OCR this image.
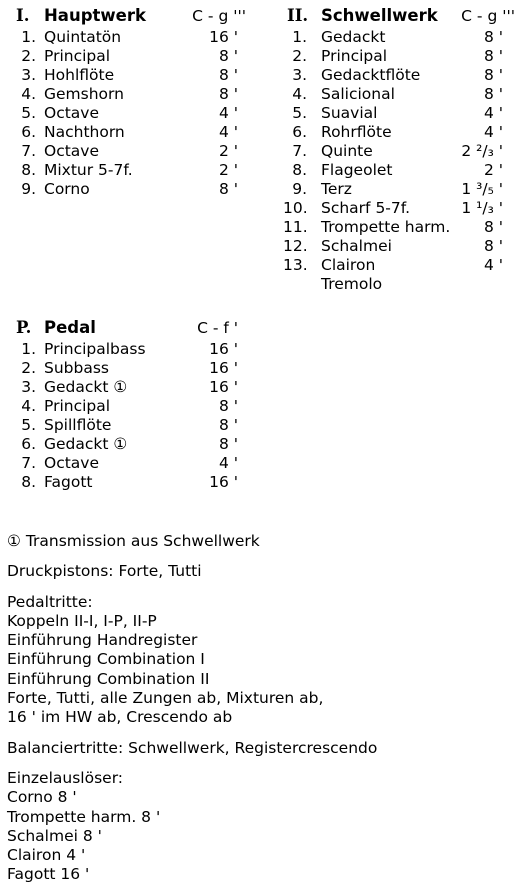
I. Hauptwerk	C - g '''
1. Quintatön	16 '
2. Principal	8 '
3. Hohlflöte	8 '
4. Gemshorn	8 '
5. Octave	4 '
6. Nachthorn	4 '
7. Octave	2 '
8. Mixtur 5-7f.	2 '
9. Corno	8 '
II. Schwellwerk C - g '''
1. Gedackt	8 '
2. Principal	8 '
3. Gedacktflöte	8 '
4. Salicional	8 '
5. Suavial	4 '
6. Rohrflöte	4 '
7. Quinte	2 ²/₃ '
8. Flageolet	2 '
9. Terz	1 ³/₅ '
10. Scharf 5-7f.	1 ¹/₃ '
11. Trompette harm. 8 '
12. Schalmei	8 '
13. Clairon	4 '
Tremolo
P. Pedal	C - f '
1. Principalbass	16 '
2. Subbass	16 '
3. Gedackt ①	16 '
4. Principal	8 '
5. Spillflöte	8 '
6. Gedackt ①	8 '
7. Octave	4 '
8. Fagott	16 '
① Transmission aus Schwellwerk
Druckpistons: Forte, Tutti
Pedaltritte:
Koppeln II-I, I-P, II-P
Einführung Handregister
Einführung Combination I
Einführung Combination II
Forte, Tutti, alle Zungen ab, Mixturen ab,
16 ' im HW ab, Crescendo ab
Balanciertritte: Schwellwerk, Registercrescendo
Einzelauslöser:
Corno 8 '
Trompette harm. 8 '
Schalmei 8 '
Clairon 4 '
Fagott 16 '
